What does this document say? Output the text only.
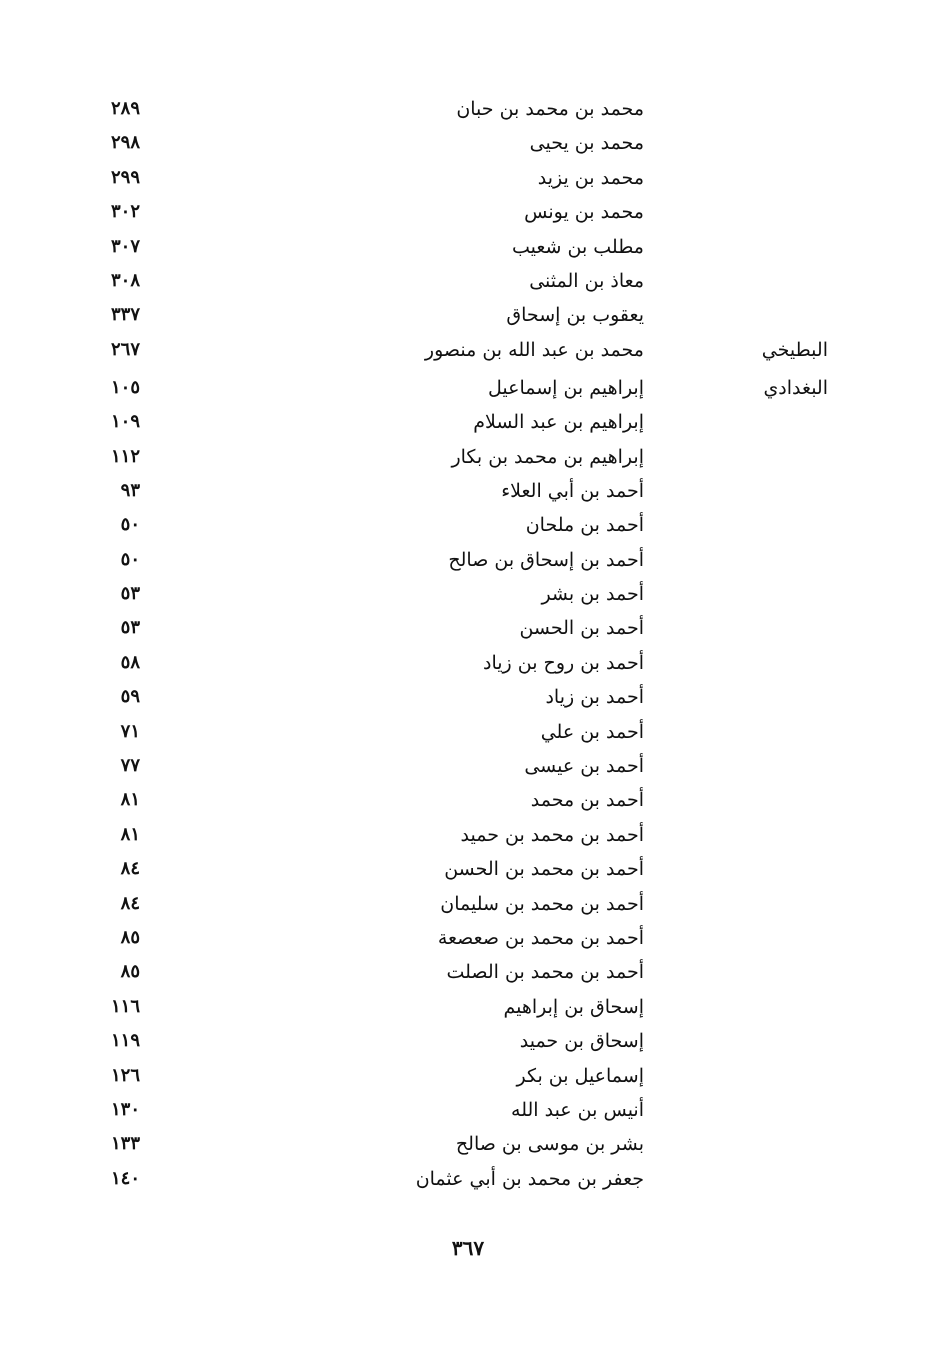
محمد بن محمد بن حبان
٢٨٩
محمد بن يحيى
٢٩٨
محمد بن يزيد
٢٩٩
محمد بن يونس
٣٠٢
مطلب بن شعيب
٣٠٧
معاذ بن المثنى
٣٠٨
يعقوب بن إسحاق
٣٣٧
البطيخي
محمد بن عبد الله بن منصور
٢٦٧
البغدادي
إبراهيم بن إسماعيل
١٠٥
إبراهيم بن عبد السلام
١٠٩
إبراهيم بن محمد بن بكار
١١٢
أحمد بن أبي العلاء
٩٣
أحمد بن ملحان
٥٠
أحمد بن إسحاق بن صالح
٥٠
أحمد بن بشر
٥٣
أحمد بن الحسن
٥٣
أحمد بن روح بن زياد
٥٨
أحمد بن زياد
٥٩
أحمد بن علي
٧١
أحمد بن عيسى
٧٧
أحمد بن محمد
٨١
أحمد بن محمد بن حميد
٨١
أحمد بن محمد بن الحسن
٨٤
أحمد بن محمد بن سليمان
٨٤
أحمد بن محمد بن صعصعة
٨٥
أحمد بن محمد بن الصلت
٨٥
إسحاق بن إبراهيم
١١٦
إسحاق بن حميد
١١٩
إسماعيل بن بكر
١٢٦
أنيس بن عبد الله
١٣٠
بشر بن موسى بن صالح
١٣٣
جعفر بن محمد بن أبي عثمان
١٤٠
٣٦٧
